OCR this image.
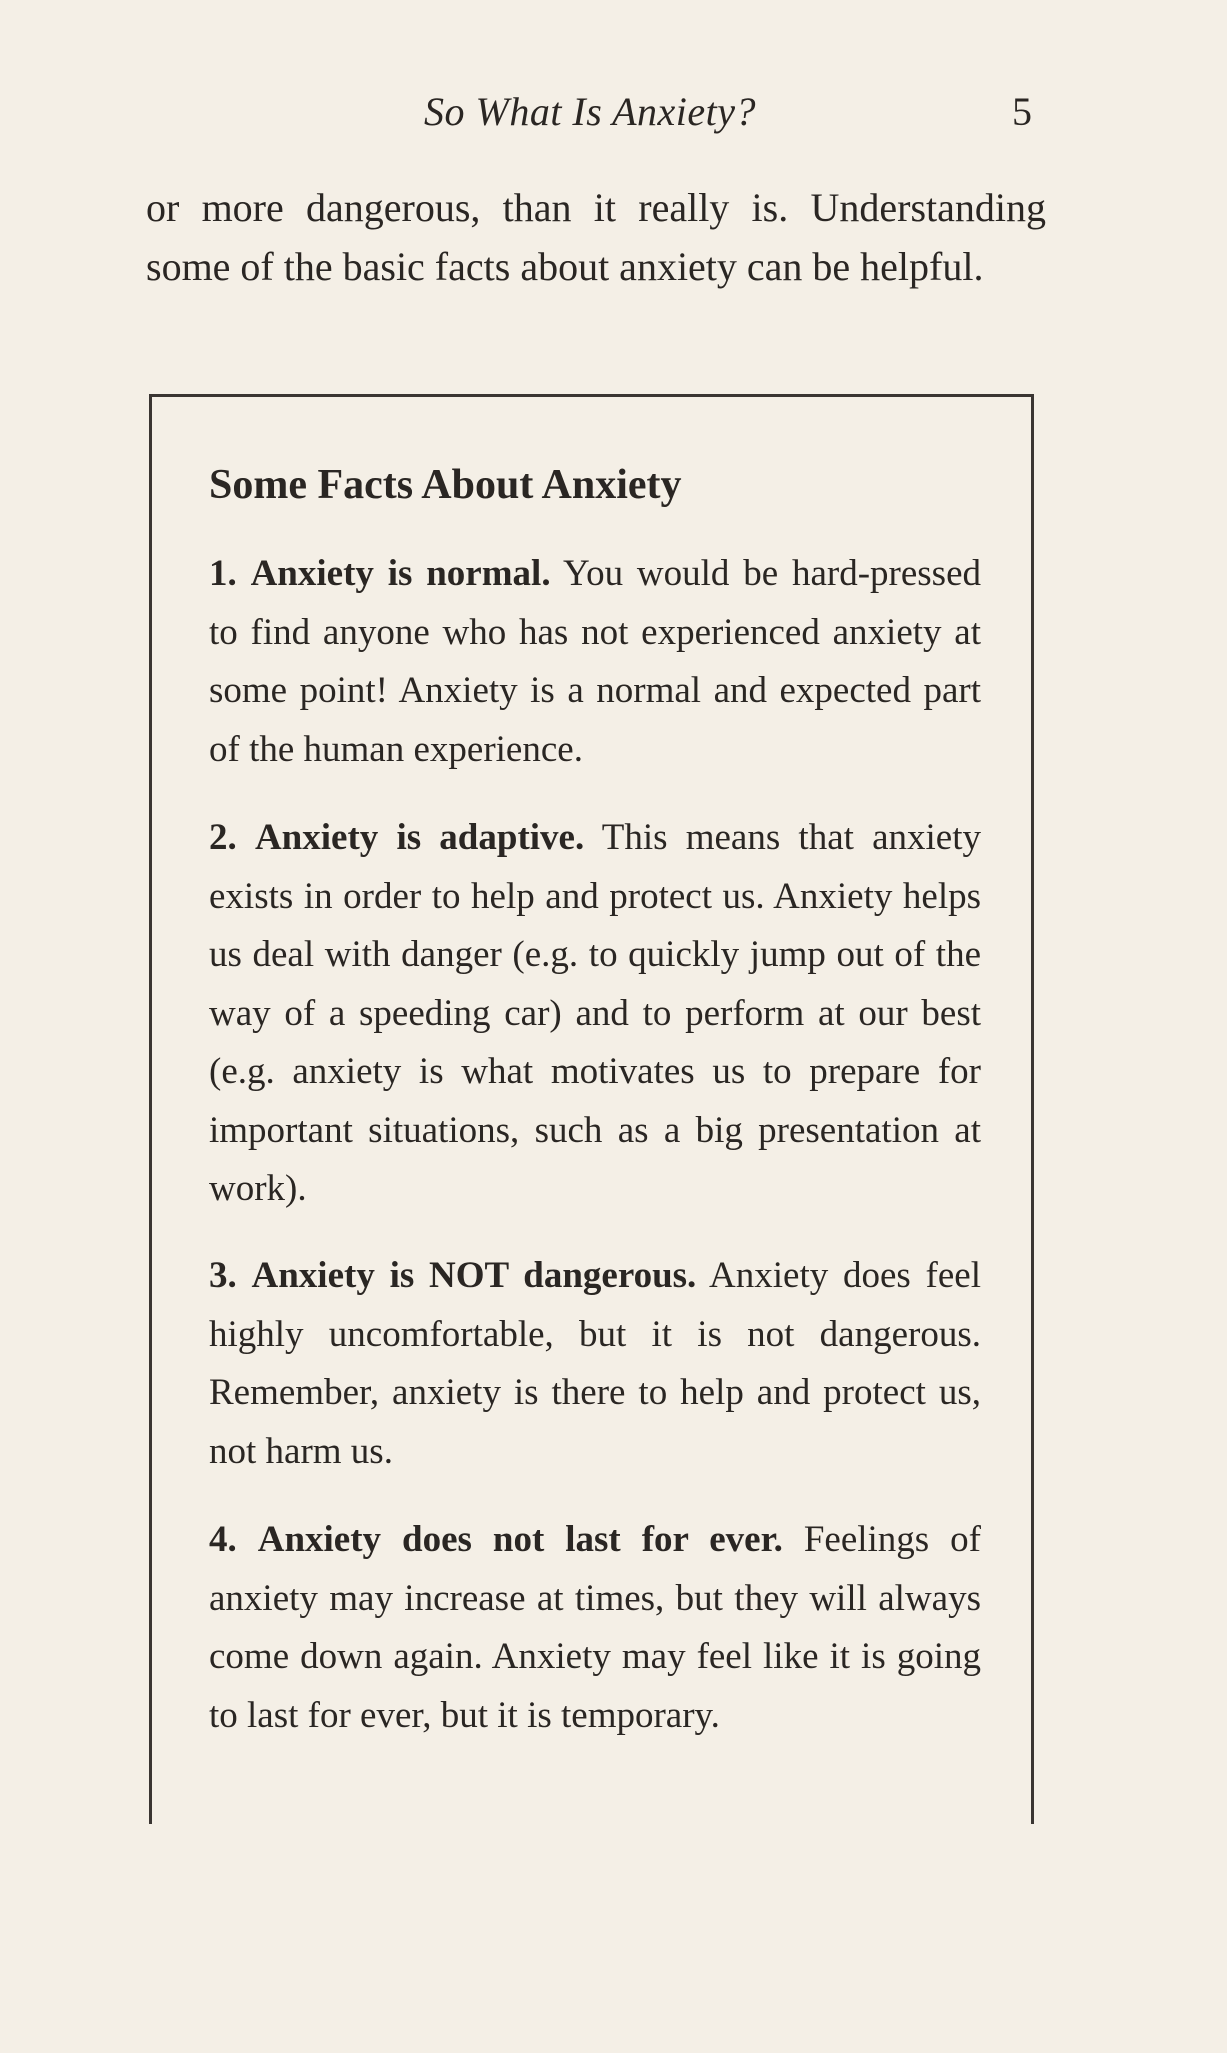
So What Is Anxiety?	5

or more dangerous, than it really is. Understanding some of the basic facts about anxiety can be helpful.

Some Facts About Anxiety

1. Anxiety is normal. You would be hard-pressed to find anyone who has not experienced anxiety at some point! Anxiety is a normal and expected part of the human experience.

2. Anxiety is adaptive. This means that anxiety exists in order to help and protect us. Anxiety helps us deal with danger (e.g. to quickly jump out of the way of a speeding car) and to perform at our best (e.g. anxiety is what motivates us to prepare for important situations, such as a big presentation at work).

3. Anxiety is NOT dangerous. Anxiety does feel highly uncomfortable, but it is not dangerous. Remember, anxiety is there to help and protect us, not harm us.

4. Anxiety does not last for ever. Feelings of anxiety may increase at times, but they will always come down again. Anxiety may feel like it is going to last for ever, but it is temporary.
